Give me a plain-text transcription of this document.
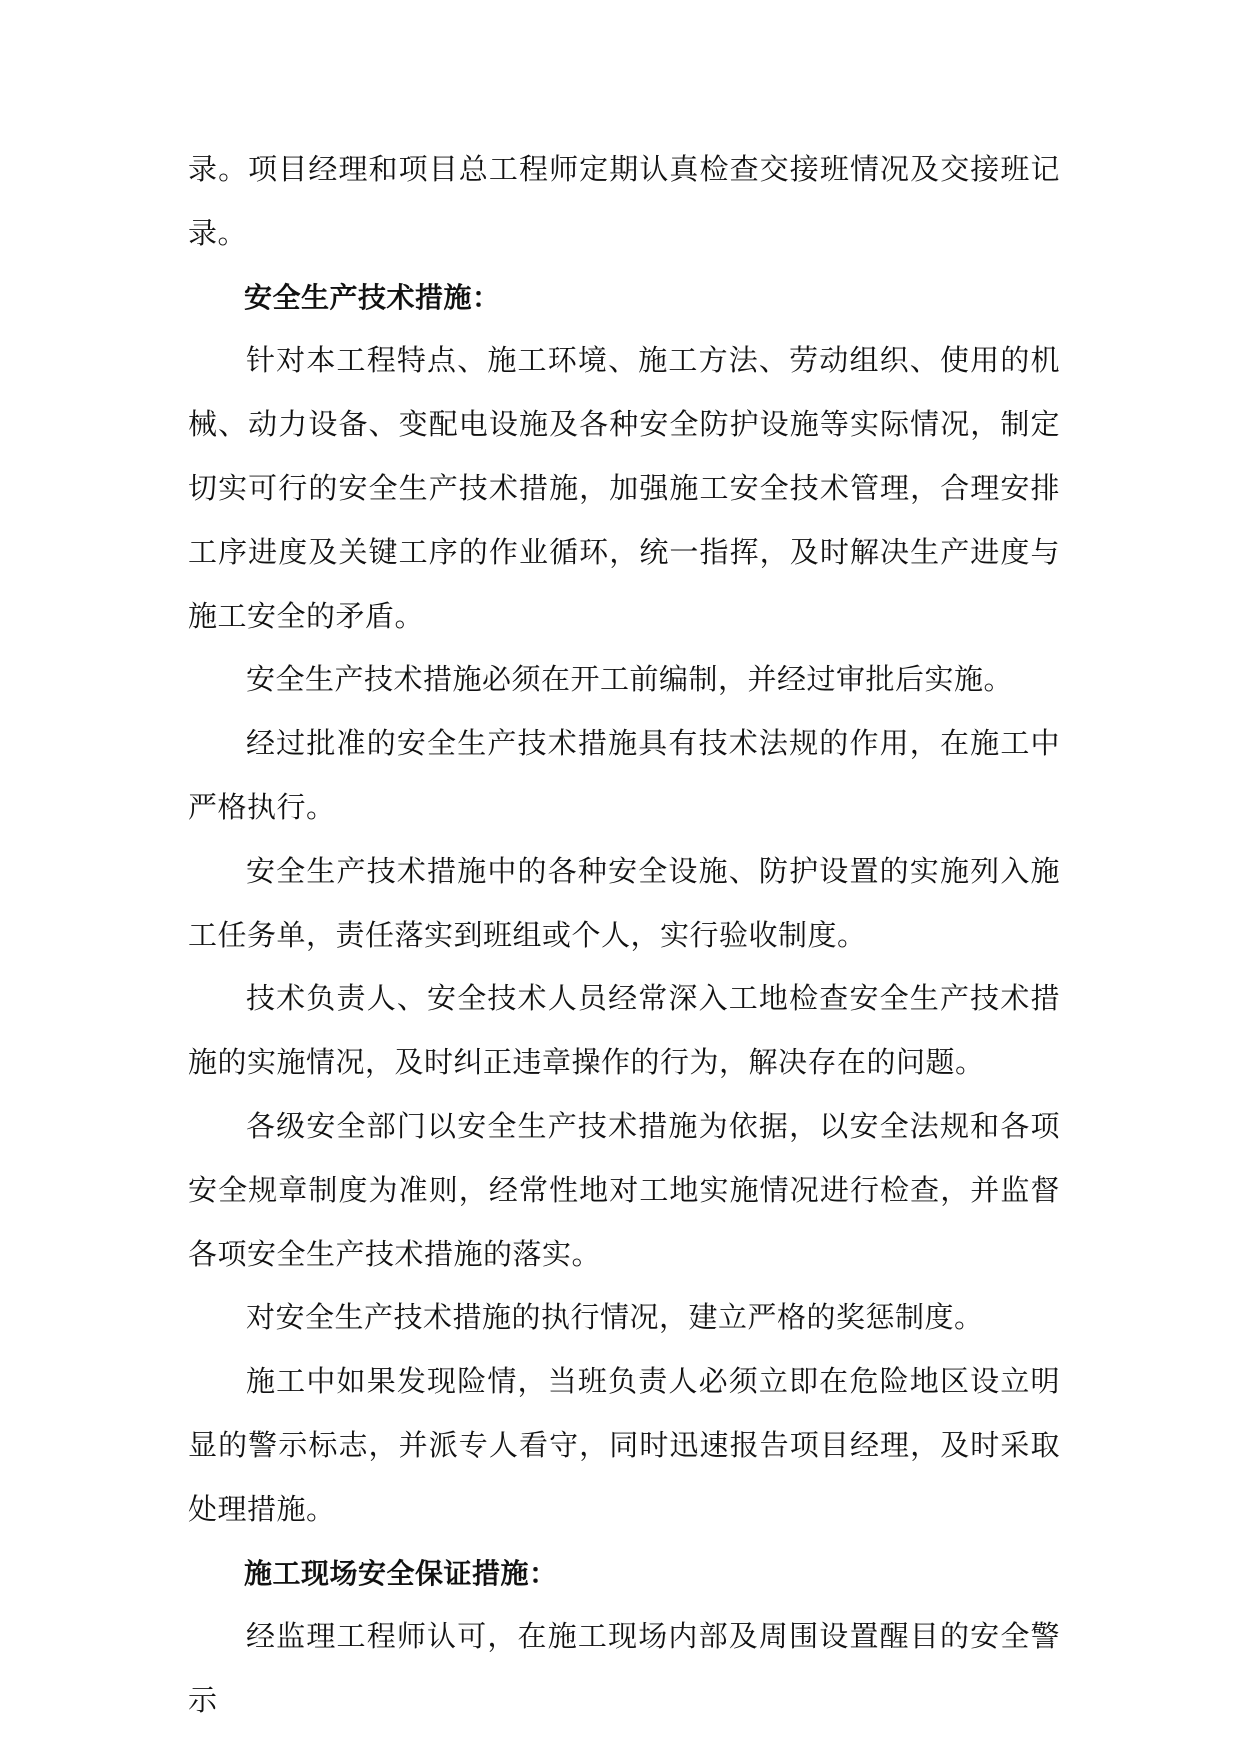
录。项目经理和项目总工程师定期认真检查交接班情况及交接班记录。

安全生产技术措施：

针对本工程特点、施工环境、施工方法、劳动组织、使用的机械、动力设备、变配电设施及各种安全防护设施等实际情况，制定切实可行的安全生产技术措施，加强施工安全技术管理，合理安排工序进度及关键工序的作业循环，统一指挥，及时解决生产进度与施工安全的矛盾。

安全生产技术措施必须在开工前编制，并经过审批后实施。

经过批准的安全生产技术措施具有技术法规的作用，在施工中严格执行。

安全生产技术措施中的各种安全设施、防护设置的实施列入施工任务单，责任落实到班组或个人，实行验收制度。

技术负责人、安全技术人员经常深入工地检查安全生产技术措施的实施情况，及时纠正违章操作的行为，解决存在的问题。

各级安全部门以安全生产技术措施为依据，以安全法规和各项安全规章制度为准则，经常性地对工地实施情况进行检查，并监督各项安全生产技术措施的落实。

对安全生产技术措施的执行情况，建立严格的奖惩制度。

施工中如果发现险情，当班负责人必须立即在危险地区设立明显的警示标志，并派专人看守，同时迅速报告项目经理，及时采取处理措施。

施工现场安全保证措施：

经监理工程师认可，在施工现场内部及周围设置醒目的安全警示
